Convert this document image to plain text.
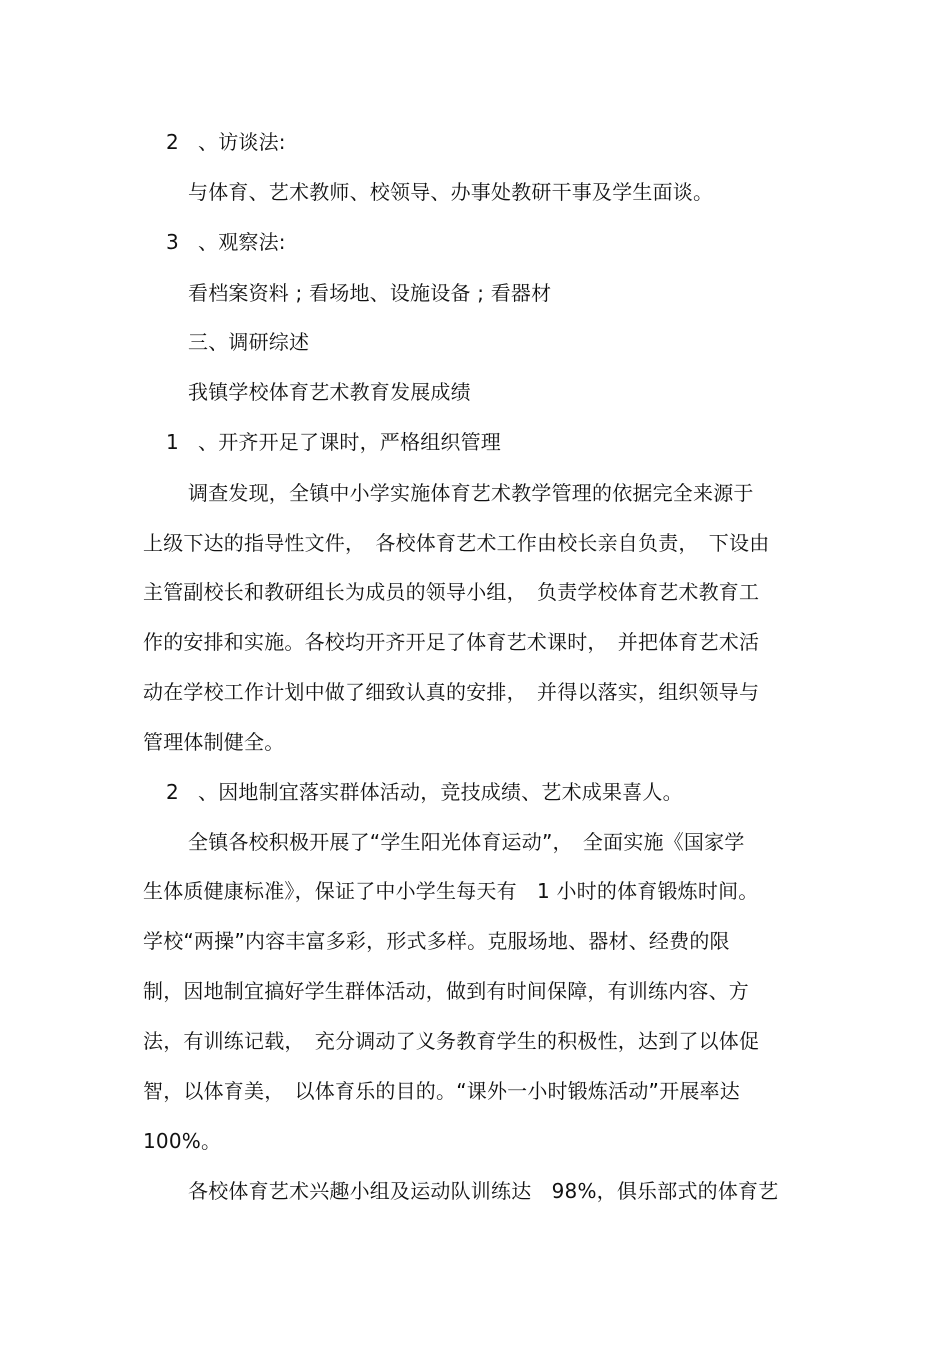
2 、访谈法:
与体育、艺术教师、校领导、办事处教研干事及学生面谈。
3 、观察法:
看档案资料 ; 看场地、设施设备 ; 看器材
三、调研综述
我镇学校体育艺术教育发展成绩
1 、开齐开足了课时，严格组织管理
调查发现，全镇中小学实施体育艺术教学管理的依据完全来源于
上级下达的指导性文件，　各校体育艺术工作由校长亲自负责，　下设由
主管副校长和教研组长为成员的领导小组，　负责学校体育艺术教育工
作的安排和实施。各校均开齐开足了体育艺术课时，　并把体育艺术活
动在学校工作计划中做了细致认真的安排，　并得以落实，组织领导与
管理体制健全。
2 、因地制宜落实群体活动，竞技成绩、艺术成果喜人。
全镇各校积极开展了“学生阳光体育运动”，　全面实施《国家学
生体质健康标准》，保证了中小学生每天有　1 小时的体育锻炼时间。
学校“两操”内容丰富多彩，形式多样。克服场地、器材、经费的限
制，因地制宜搞好学生群体活动，做到有时间保障，有训练内容、方
法，有训练记载，　充分调动了义务教育学生的积极性，达到了以体促
智，以体育美，　以体育乐的目的。“课外一小时锻炼活动”开展率达
100%。
各校体育艺术兴趣小组及运动队训练达　98%，俱乐部式的体育艺
